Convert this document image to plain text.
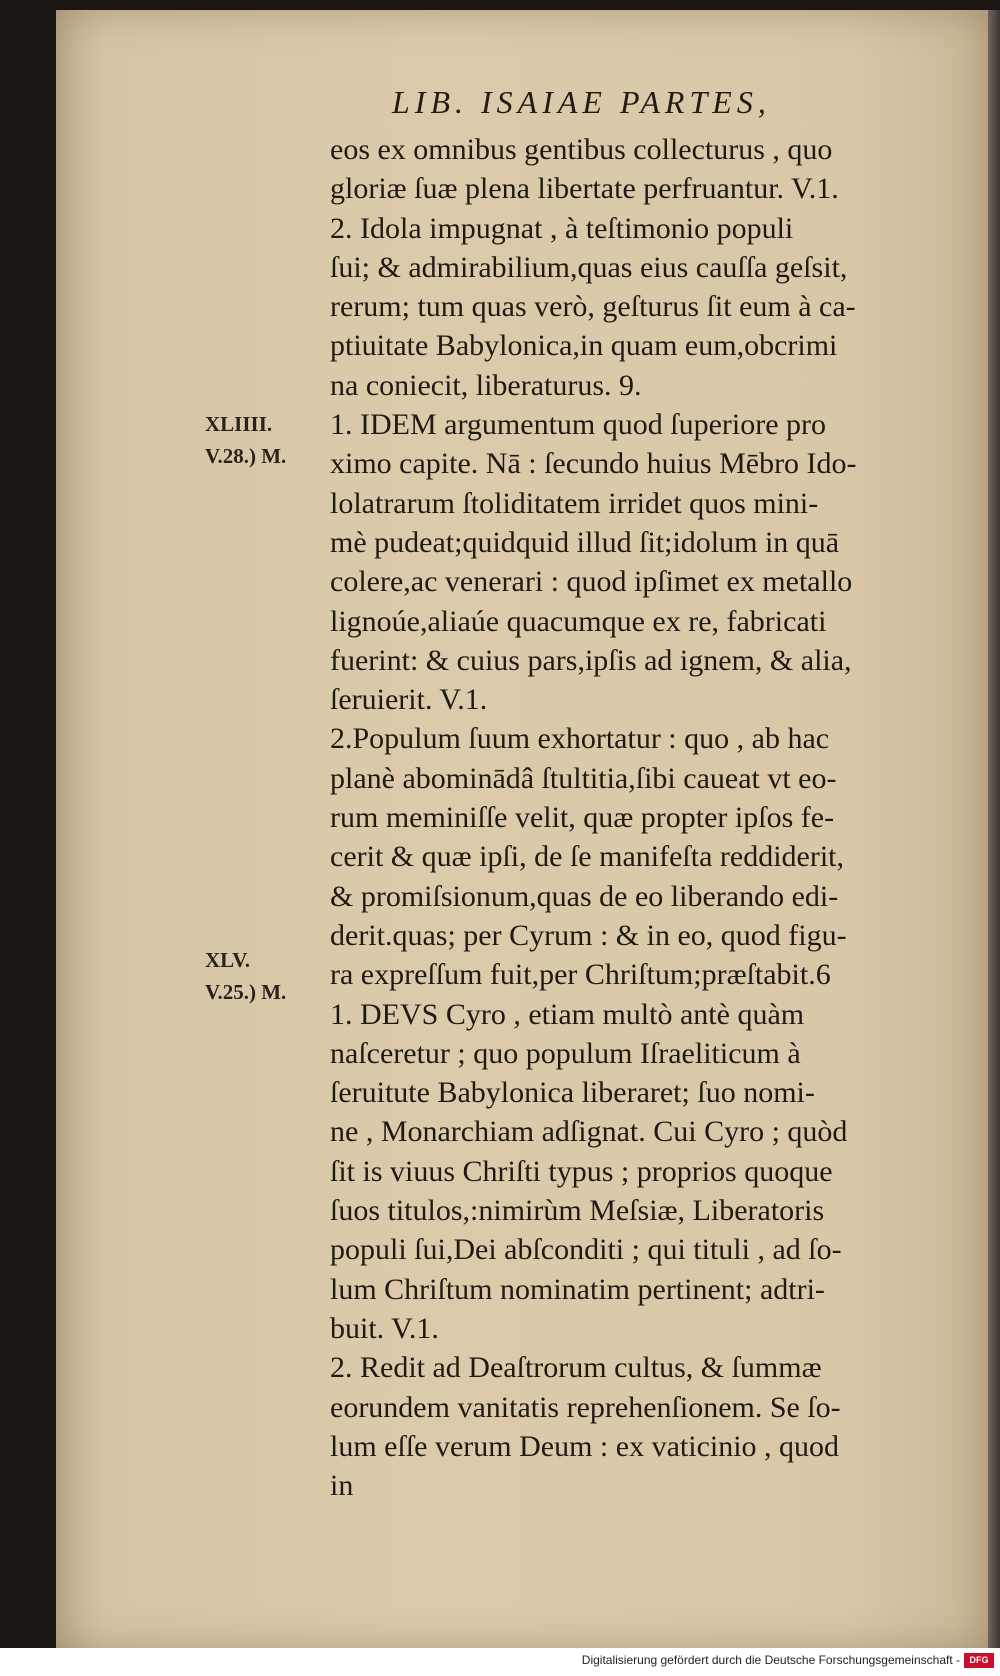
LIB. ISAIAE PARTES,
XLIIII.
V.28.) M.
XLV.
V.25.) M.
eos ex omnibus gentibus collecturus , quo
gloriæ ſuæ plena libertate perfruantur. V.1.
2. Idola impugnat , à teſtimonio populi
ſui; & admirabilium,quas eius cauſſa geſsit,
rerum; tum quas verò, geſturus ſit eum à ca-
ptiuitate Babylonica,in quam eum,obcrimi
na coniecit, liberaturus. 9.
1. IDEM argumentum quod ſuperiore pro
ximo capite. Nā : ſecundo huius Mēbro Ido-
lolatrarum ſtoliditatem irridet quos mini-
mè pudeat;quidquid illud ſit;idolum in quā
colere,ac venerari : quod ipſimet ex metallo
lignoúe,aliaúe quacumque ex re, fabricati
fuerint: & cuius pars,ipſis ad ignem, & alia,
ſeruierit. V.1.
2.Populum ſuum exhortatur : quo , ab hac
planè abominādâ ſtultitia,ſibi caueat vt eo-
rum meminiſſe velit, quæ propter ipſos fe-
cerit & quæ ipſi, de ſe manifeſta reddiderit,
& promiſsionum,quas de eo liberando edi-
derit.quas; per Cyrum : & in eo, quod figu-
ra expreſſum fuit,per Chriſtum;præſtabit.6
1. DEVS Cyro , etiam multò antè quàm
naſceretur ; quo populum Iſraeliticum à
ſeruitute Babylonica liberaret; ſuo nomi-
ne , Monarchiam adſignat. Cui Cyro ; quòd
ſit is viuus Chriſti typus ; proprios quoque
ſuos titulos,:nimirùm Meſsiæ, Liberatoris
populi ſui,Dei abſconditi ; qui tituli , ad ſo-
lum Chriſtum nominatim pertinent; adtri-
buit. V.1.
2. Redit ad Deaſtrorum cultus, & ſummæ
eorundem vanitatis reprehenſionem. Se ſo-
lum eſſe verum Deum : ex vaticinio , quod
in
Digitalisierung gefördert durch die Deutsche Forschungsgemeinschaft -	DFG
